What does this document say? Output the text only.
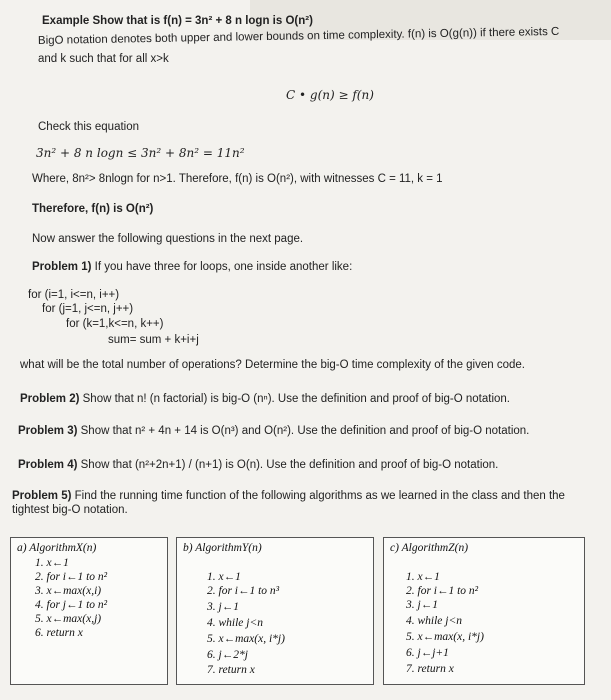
Example Show that is f(n) = 3n² + 8 n logn is O(n²)
BigO notation denotes both upper and lower bounds on time complexity. f(n) is O(g(n)) if there exists C
and k such that for all x>k
C • g(n) ≥ f(n)
Check this equation
3n² + 8 n logn ≤ 3n² + 8n² = 11n²
Where, 8n²> 8nlogn for n>1. Therefore, f(n) is O(n²), with witnesses C = 11, k = 1
Therefore, f(n) is O(n²)
Now answer the following questions in the next page.
Problem 1) If you have three for loops, one inside another like:
for (i=1, i<=n, i++)
for (j=1, j<=n, j++)
for (k=1,k<=n, k++)
sum= sum + k+i+j
what will be the total number of operations? Determine the big-O time complexity of the given code.
Problem 2) Show that n! (n factorial) is big-O (nⁿ). Use the definition and proof of big-O notation.
Problem 3) Show that n² + 4n + 14 is O(n³) and O(n²). Use the definition and proof of big-O notation.
Problem 4) Show that (n²+2n+1) / (n+1) is O(n). Use the definition and proof of big-O notation.
Problem 5) Find the running time function of the following algorithms as we learned in the class and then the
tightest big-O notation.
a) AlgorithmX(n)
1. x←1
2. for i←1 to n²
3. x←max(x,i)
4. for j←1 to n²
5. x←max(x,j)
6. return x
b) AlgorithmY(n)
1. x←1
2. for i←1 to n³
3. j←1
4. while j<n
5. x←max(x, i*j)
6. j←2*j
7. return x
c) AlgorithmZ(n)
1. x←1
2. for i←1 to n²
3. j←1
4. while j<n
5. x←max(x, i*j)
6. j←j+1
7. return x
